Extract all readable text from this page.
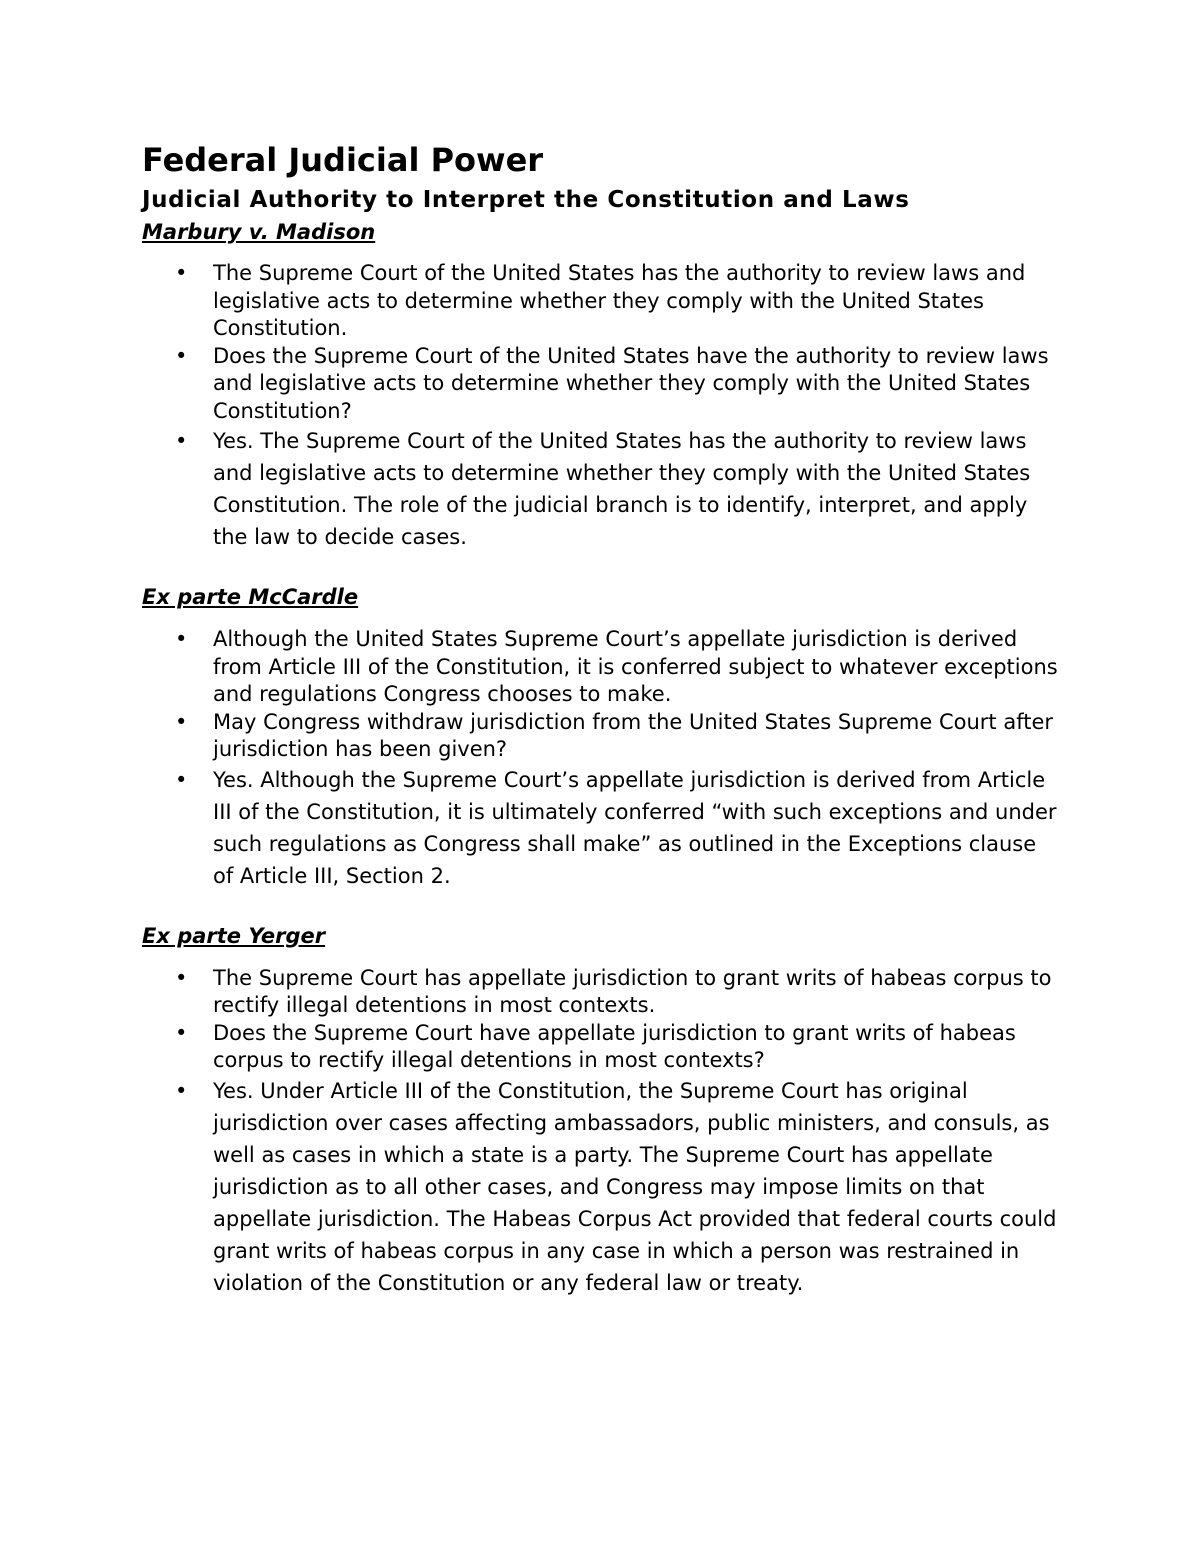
Federal Judicial Power
Judicial Authority to Interpret the Constitution and Laws

Marbury v. Madison

• The Supreme Court of the United States has the authority to review laws and legislative acts to determine whether they comply with the United States Constitution.
• Does the Supreme Court of the United States have the authority to review laws and legislative acts to determine whether they comply with the United States Constitution?
• Yes. The Supreme Court of the United States has the authority to review laws and legislative acts to determine whether they comply with the United States Constitution. The role of the judicial branch is to identify, interpret, and apply the law to decide cases.

Ex parte McCardle

• Although the United States Supreme Court’s appellate jurisdiction is derived from Article III of the Constitution, it is conferred subject to whatever exceptions and regulations Congress chooses to make.
• May Congress withdraw jurisdiction from the United States Supreme Court after jurisdiction has been given?
• Yes. Although the Supreme Court’s appellate jurisdiction is derived from Article III of the Constitution, it is ultimately conferred “with such exceptions and under such regulations as Congress shall make” as outlined in the Exceptions clause of Article III, Section 2.

Ex parte Yerger

• The Supreme Court has appellate jurisdiction to grant writs of habeas corpus to rectify illegal detentions in most contexts.
• Does the Supreme Court have appellate jurisdiction to grant writs of habeas corpus to rectify illegal detentions in most contexts?
• Yes. Under Article III of the Constitution, the Supreme Court has original jurisdiction over cases affecting ambassadors, public ministers, and consuls, as well as cases in which a state is a party. The Supreme Court has appellate jurisdiction as to all other cases, and Congress may impose limits on that appellate jurisdiction. The Habeas Corpus Act provided that federal courts could grant writs of habeas corpus in any case in which a person was restrained in violation of the Constitution or any federal law or treaty.
